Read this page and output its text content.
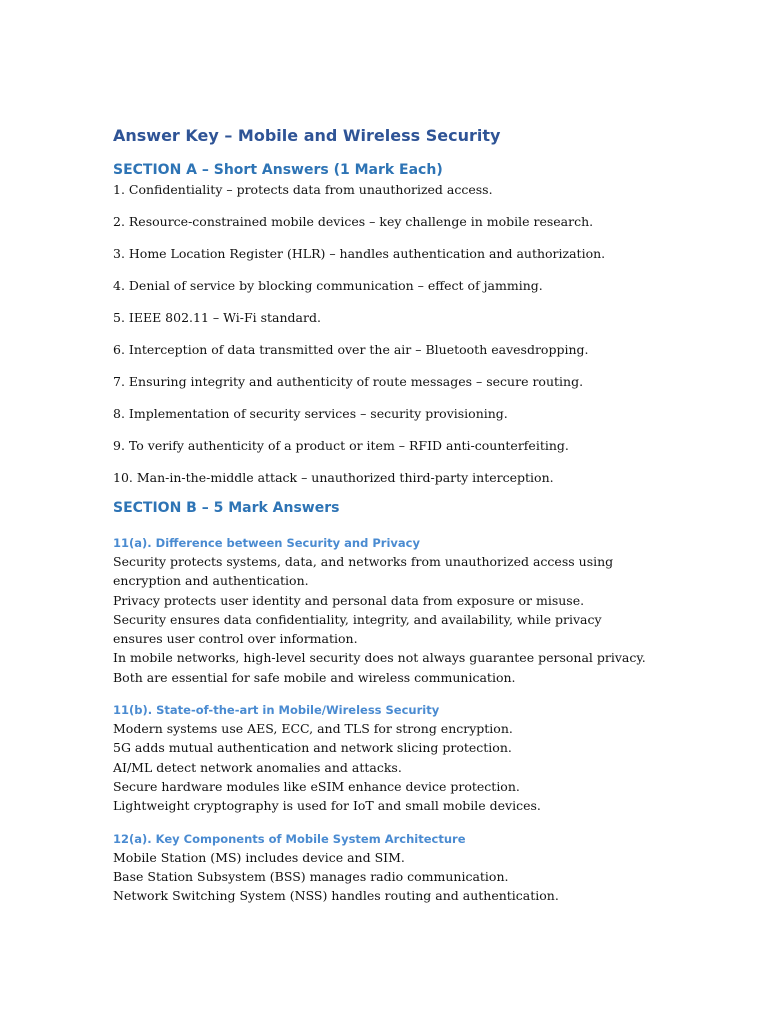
Answer Key – Mobile and Wireless Security
SECTION A – Short Answers (1 Mark Each)
1. Confidentiality – protects data from unauthorized access.
2. Resource-constrained mobile devices – key challenge in mobile research.
3. Home Location Register (HLR) – handles authentication and authorization.
4. Denial of service by blocking communication – effect of jamming.
5. IEEE 802.11 – Wi-Fi standard.
6. Interception of data transmitted over the air – Bluetooth eavesdropping.
7. Ensuring integrity and authenticity of route messages – secure routing.
8. Implementation of security services – security provisioning.
9. To verify authenticity of a product or item – RFID anti-counterfeiting.
10. Man-in-the-middle attack – unauthorized third-party interception.
SECTION B – 5 Mark Answers
11(a). Difference between Security and Privacy

Security protects systems, data, and networks from unauthorized access using encryption and authentication.

Privacy protects user identity and personal data from exposure or misuse.

Security ensures data confidentiality, integrity, and availability, while privacy ensures user control over information.

In mobile networks, high-level security does not always guarantee personal privacy.

Both are essential for safe mobile and wireless communication.

11(b). State-of-the-art in Mobile/Wireless Security

Modern systems use AES, ECC, and TLS for strong encryption.

5G adds mutual authentication and network slicing protection.

AI/ML detect network anomalies and attacks.

Secure hardware modules like eSIM enhance device protection.

Lightweight cryptography is used for IoT and small mobile devices.

12(a). Key Components of Mobile System Architecture

Mobile Station (MS) includes device and SIM.

Base Station Subsystem (BSS) manages radio communication.

Network Switching System (NSS) handles routing and authentication.
